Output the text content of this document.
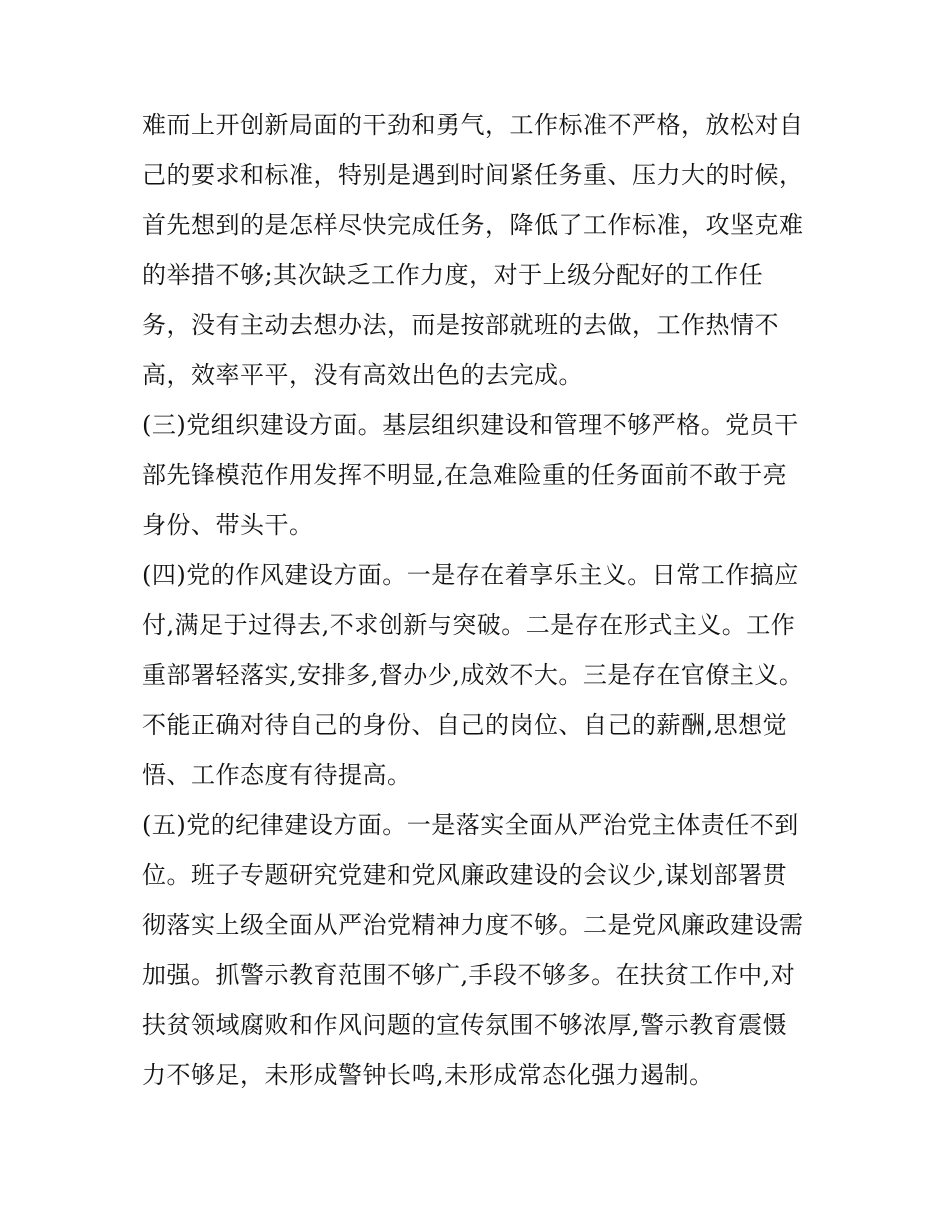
难而上开创新局面的干劲和勇气，工作标准不严格，放松对自
己的要求和标准，特别是遇到时间紧任务重、压力大的时候，
首先想到的是怎样尽快完成任务，降低了工作标准，攻坚克难
的举措不够;其次缺乏工作力度，对于上级分配好的工作任
务，没有主动去想办法，而是按部就班的去做，工作热情不
高，效率平平，没有高效出色的去完成。
(三)党组织建设方面。基层组织建设和管理不够严格。党员干
部先锋模范作用发挥不明显,在急难险重的任务面前不敢于亮
身份、带头干。
(四)党的作风建设方面。一是存在着享乐主义。日常工作搞应
付,满足于过得去,不求创新与突破。二是存在形式主义。工作
重部署轻落实,安排多,督办少,成效不大。三是存在官僚主义。
不能正确对待自己的身份、自己的岗位、自己的薪酬,思想觉
悟、工作态度有待提高。
(五)党的纪律建设方面。一是落实全面从严治党主体责任不到
位。班子专题研究党建和党风廉政建设的会议少,谋划部署贯
彻落实上级全面从严治党精神力度不够。二是党风廉政建设需
加强。抓警示教育范围不够广,手段不够多。在扶贫工作中,对
扶贫领域腐败和作风问题的宣传氛围不够浓厚,警示教育震慑
力不够足，未形成警钟长鸣,未形成常态化强力遏制。
